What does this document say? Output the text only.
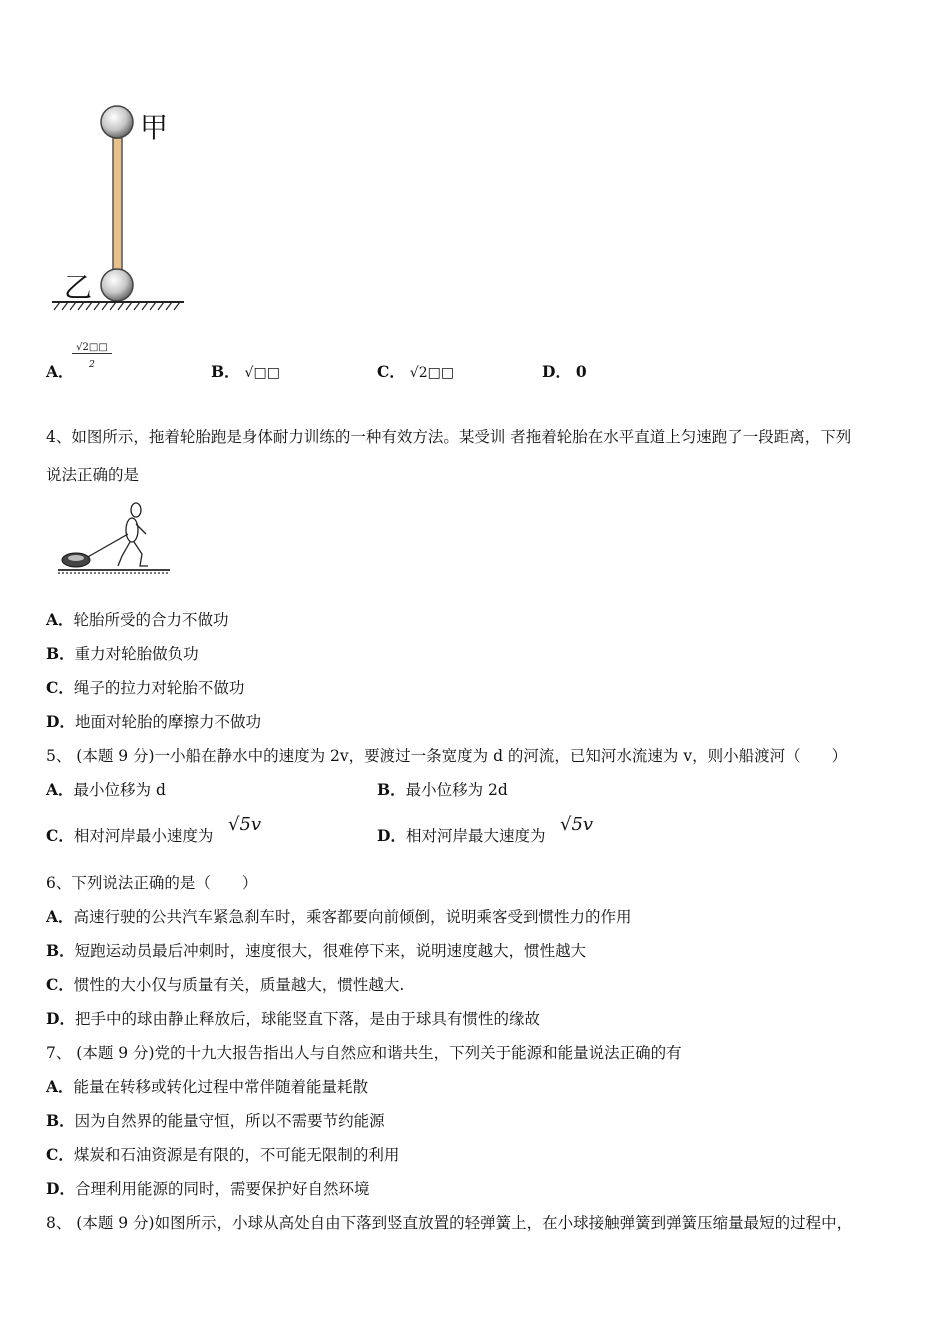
甲
乙
A．
$\frac{√2□□}{2}$
B． √□□	C． √2□□	D． 0
4、如图所示，拖着轮胎跑是身体耐力训练的一种有效方法。某受训 者拖着轮胎在水平直道上匀速跑了一段距离，下列
说法正确的是
A．轮胎所受的合力不做功
B．重力对轮胎做负功
C．绳子的拉力对轮胎不做功
D．地面对轮胎的摩擦力不做功
5、 (本题 9 分)一小船在静水中的速度为 2v，要渡过一条宽度为 d 的河流，已知河水流速为 v，则小船渡河（　　）
A．最小位移为 d	B．最小位移为 2d
C．相对河岸最小速度为
√5v
D．相对河岸最大速度为
√5v
6、下列说法正确的是（　　）
A．高速行驶的公共汽车紧急刹车时，乘客都要向前倾倒，说明乘客受到惯性力的作用
B．短跑运动员最后冲刺时，速度很大，很难停下来，说明速度越大，惯性越大
C．惯性的大小仅与质量有关，质量越大，惯性越大.
D．把手中的球由静止释放后，球能竖直下落，是由于球具有惯性的缘故
7、 (本题 9 分)党的十九大报告指出人与自然应和谐共生，下列关于能源和能量说法正确的有
A．能量在转移或转化过程中常伴随着能量耗散
B．因为自然界的能量守恒，所以不需要节约能源
C．煤炭和石油资源是有限的，不可能无限制的利用
D．合理利用能源的同时，需要保护好自然环境
8、 (本题 9 分)如图所示，小球从高处自由下落到竖直放置的轻弹簧上，在小球接触弹簧到弹簧压缩量最短的过程中，
